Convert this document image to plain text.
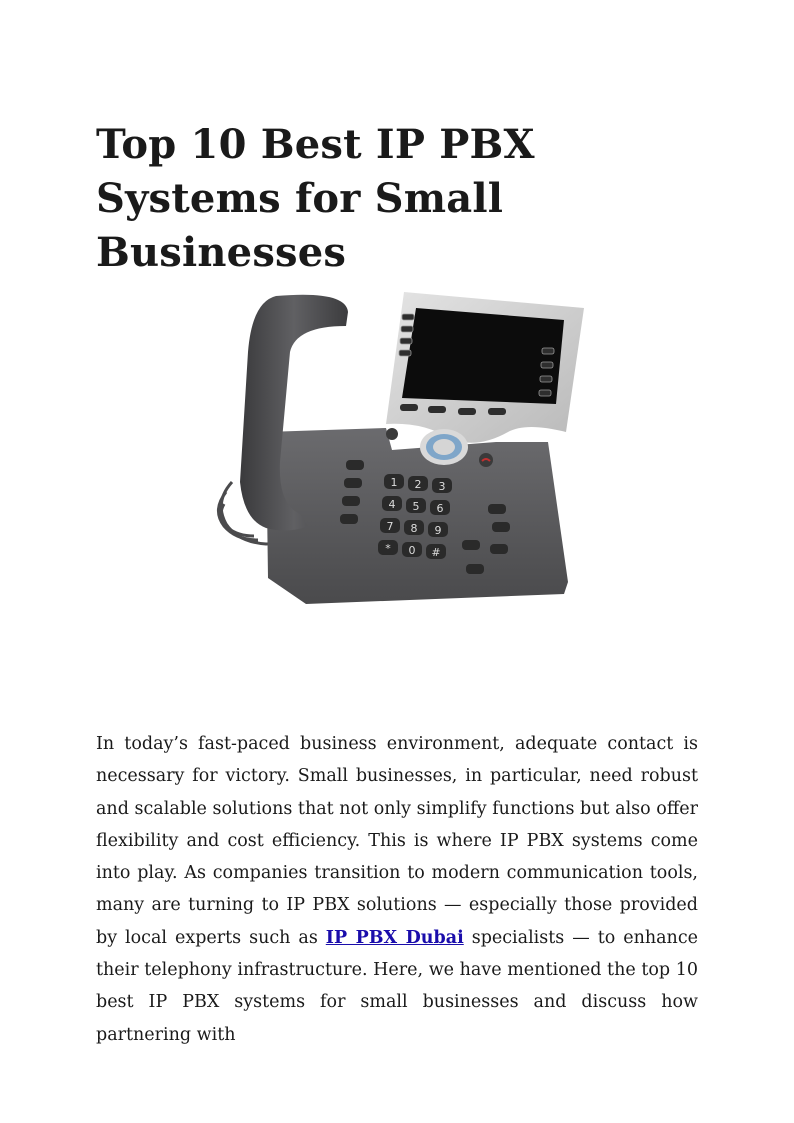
Top 10 Best IP PBX Systems for Small Businesses
1 2 3
4 5 6
7 8 9
* 0 #

In today’s fast-paced business environment, adequate contact is necessary for victory. Small businesses, in particular, need robust and scalable solutions that not only simplify functions but also offer flexibility and cost efficiency. This is where IP PBX systems come into play. As companies transition to modern communication tools, many are turning to IP PBX solutions — especially those provided by local experts such as IP PBX Dubai specialists — to enhance their telephony infrastructure. Here, we have mentioned the top 10 best IP PBX systems for small businesses and discuss how partnering with
